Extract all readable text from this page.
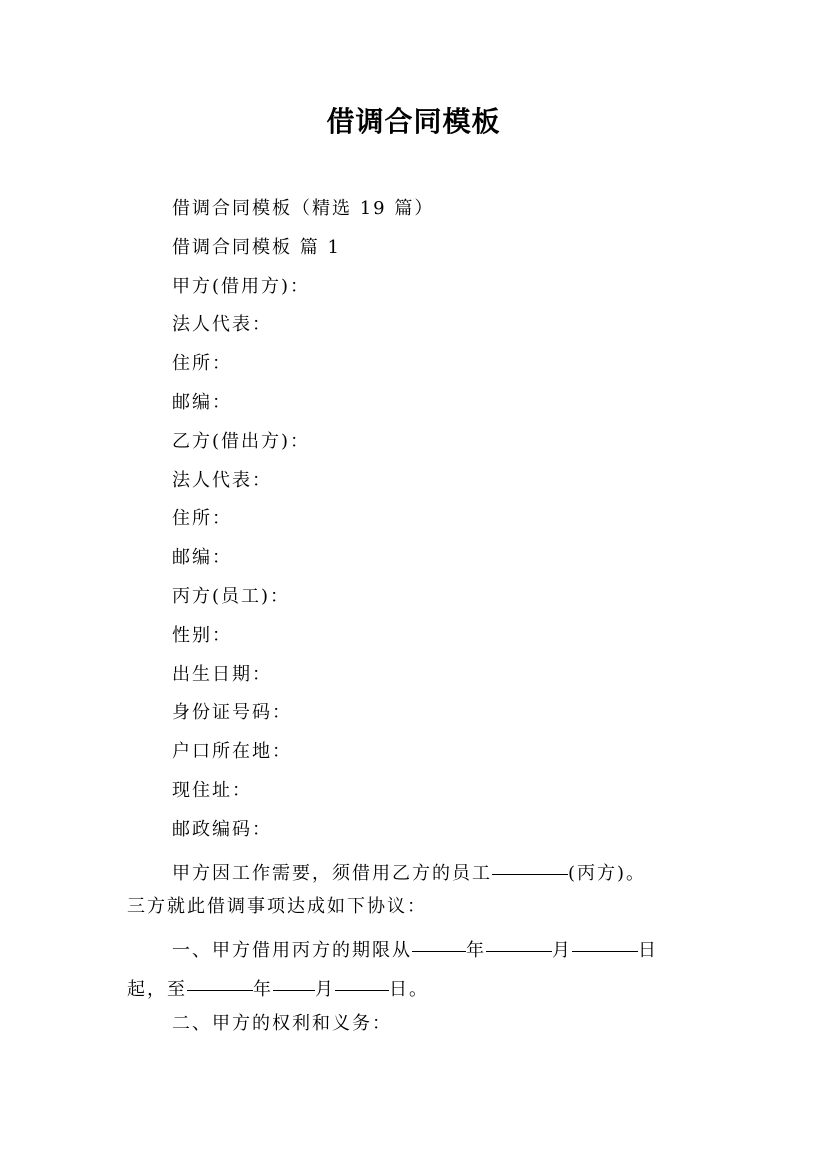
借调合同模板
借调合同模板（精选 19 篇）
借调合同模板 篇 1
甲方(借用方)：
法人代表：
住所：
邮编：
乙方(借出方)：
法人代表：
住所：
邮编：
丙方(员工)：
性别：
出生日期：
身份证号码：
户口所在地：
现住址：
邮政编码：
甲方因工作需要，须借用乙方的员工	(丙方)。
三方就此借调事项达成如下协议：
一、甲方借用丙方的期限从	年	月	日
起，至	年 月	日。
二、甲方的权利和义务：
